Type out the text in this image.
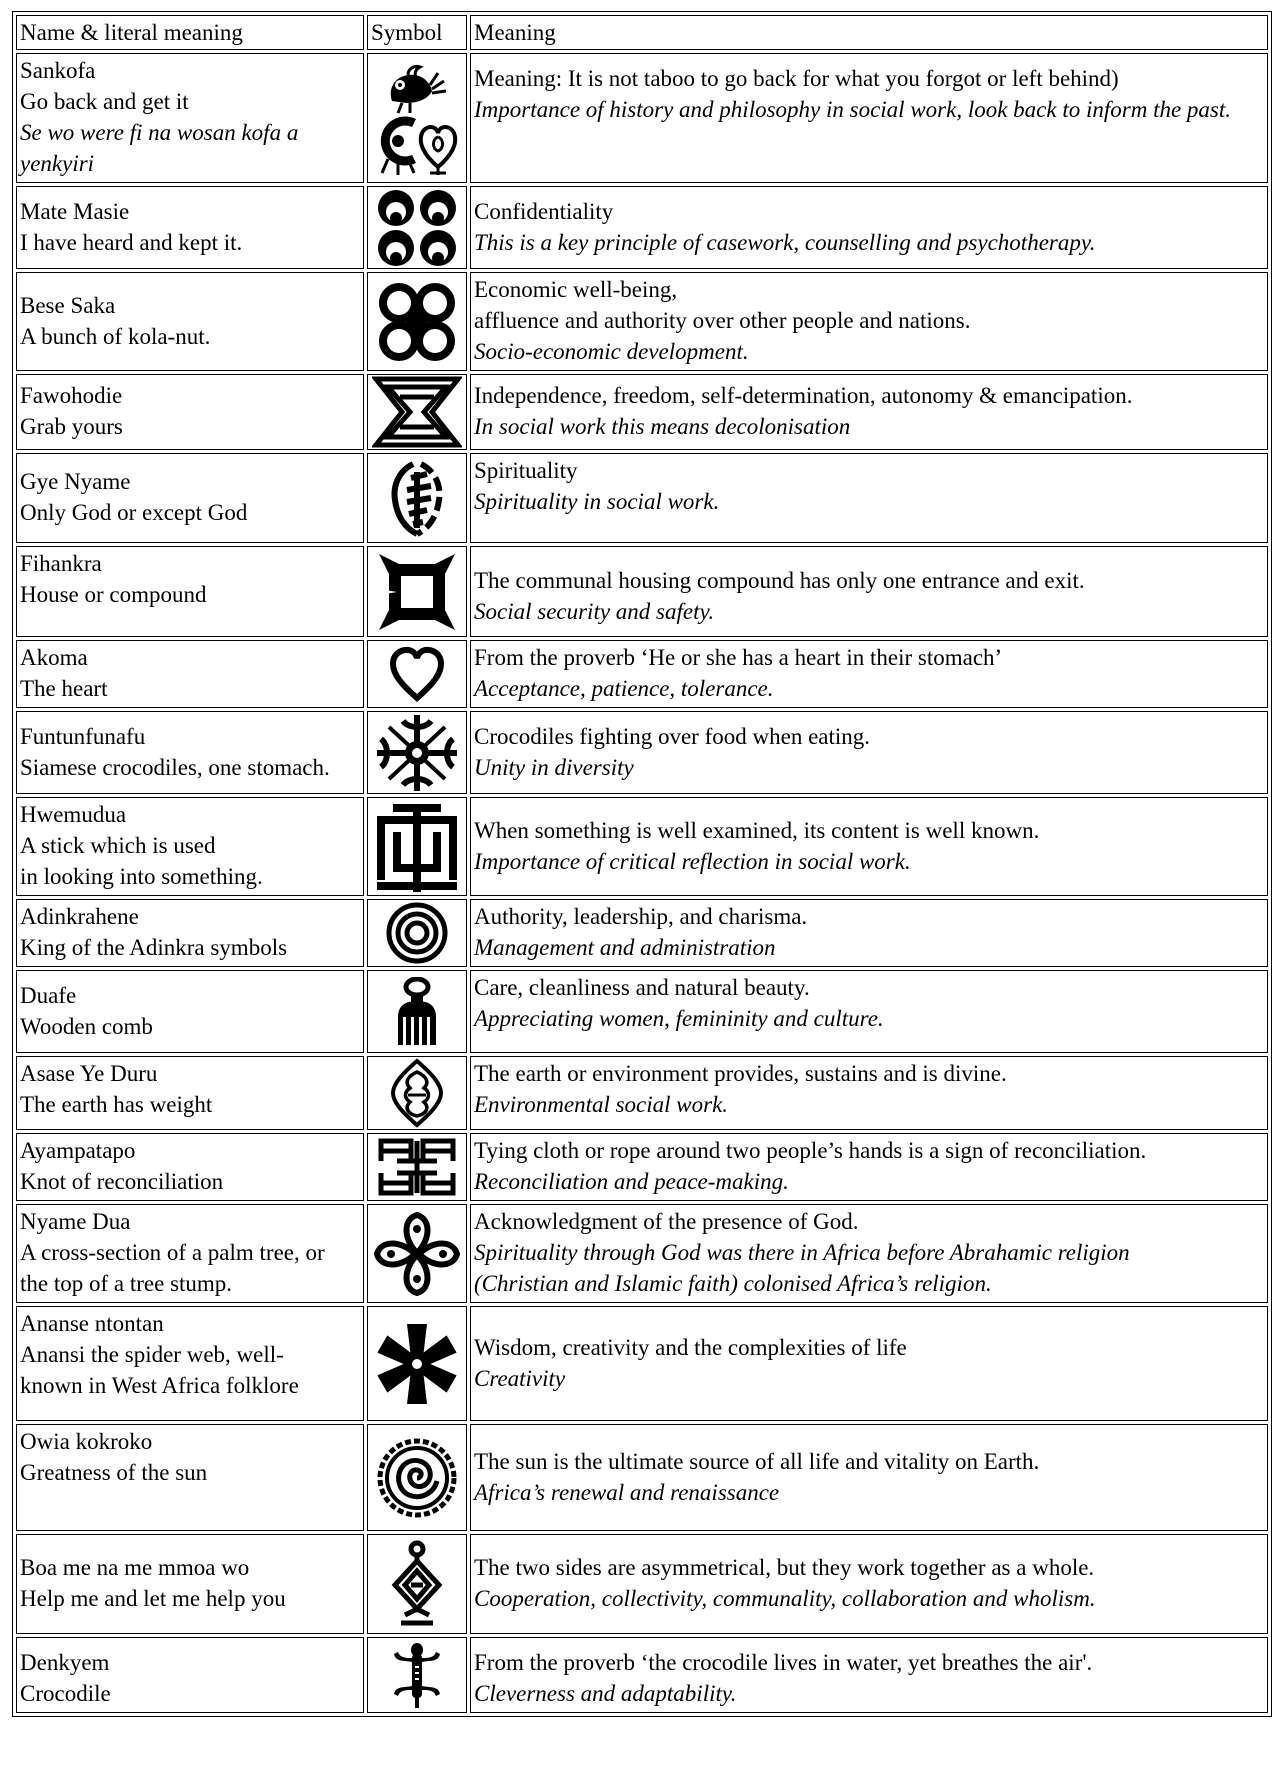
Name & literal meaning	Symbol	Meaning

Sankofa
Go back and get it
Se wo were fi na wosan kofa a yenkyiri		Meaning: It is not taboo to go back for what you forgot or left behind)
Importance of history and philosophy in social work, look back to inform the past.

Mate Masie
I have heard and kept it.		Confidentiality
This is a key principle of casework, counselling and psychotherapy.

Bese Saka
A bunch of kola-nut.		Economic well-being,
affluence and authority over other people and nations.
Socio-economic development.

Fawohodie
Grab yours		Independence, freedom, self-determination, autonomy & emancipation.
In social work this means decolonisation

Gye Nyame
Only God or except God		Spirituality
Spirituality in social work.

Fihankra
House or compound		The communal housing compound has only one entrance and exit.
Social security and safety.

Akoma
The heart		From the proverb ‘He or she has a heart in their stomach’
Acceptance, patience, tolerance.

Funtunfunafu
Siamese crocodiles, one stomach.		Crocodiles fighting over food when eating.
Unity in diversity

Hwemudua
A stick which is used
in looking into something.		When something is well examined, its content is well known.
Importance of critical reflection in social work.

Adinkrahene
King of the Adinkra symbols		Authority, leadership, and charisma.
Management and administration

Duafe
Wooden comb		Care, cleanliness and natural beauty.
Appreciating women, femininity and culture.

Asase Ye Duru
The earth has weight		The earth or environment provides, sustains and is divine.
Environmental social work.

Ayampatapo
Knot of reconciliation		Tying cloth or rope around two people’s hands is a sign of reconciliation.
Reconciliation and peace-making.

Nyame Dua
A cross-section of a palm tree, or
the top of a tree stump.		Acknowledgment of the presence of God.
Spirituality through God was there in Africa before Abrahamic religion
(Christian and Islamic faith) colonised Africa’s religion.

Ananse ntontan
Anansi the spider web, well-
known in West Africa folklore		Wisdom, creativity and the complexities of life
Creativity

Owia kokroko
Greatness of the sun		The sun is the ultimate source of all life and vitality on Earth.
Africa’s renewal and renaissance

Boa me na me mmoa wo
Help me and let me help you		The two sides are asymmetrical, but they work together as a whole.
Cooperation, collectivity, communality, collaboration and wholism.

Denkyem
Crocodile		From the proverb ‘the crocodile lives in water, yet breathes the air'.
Cleverness and adaptability.
